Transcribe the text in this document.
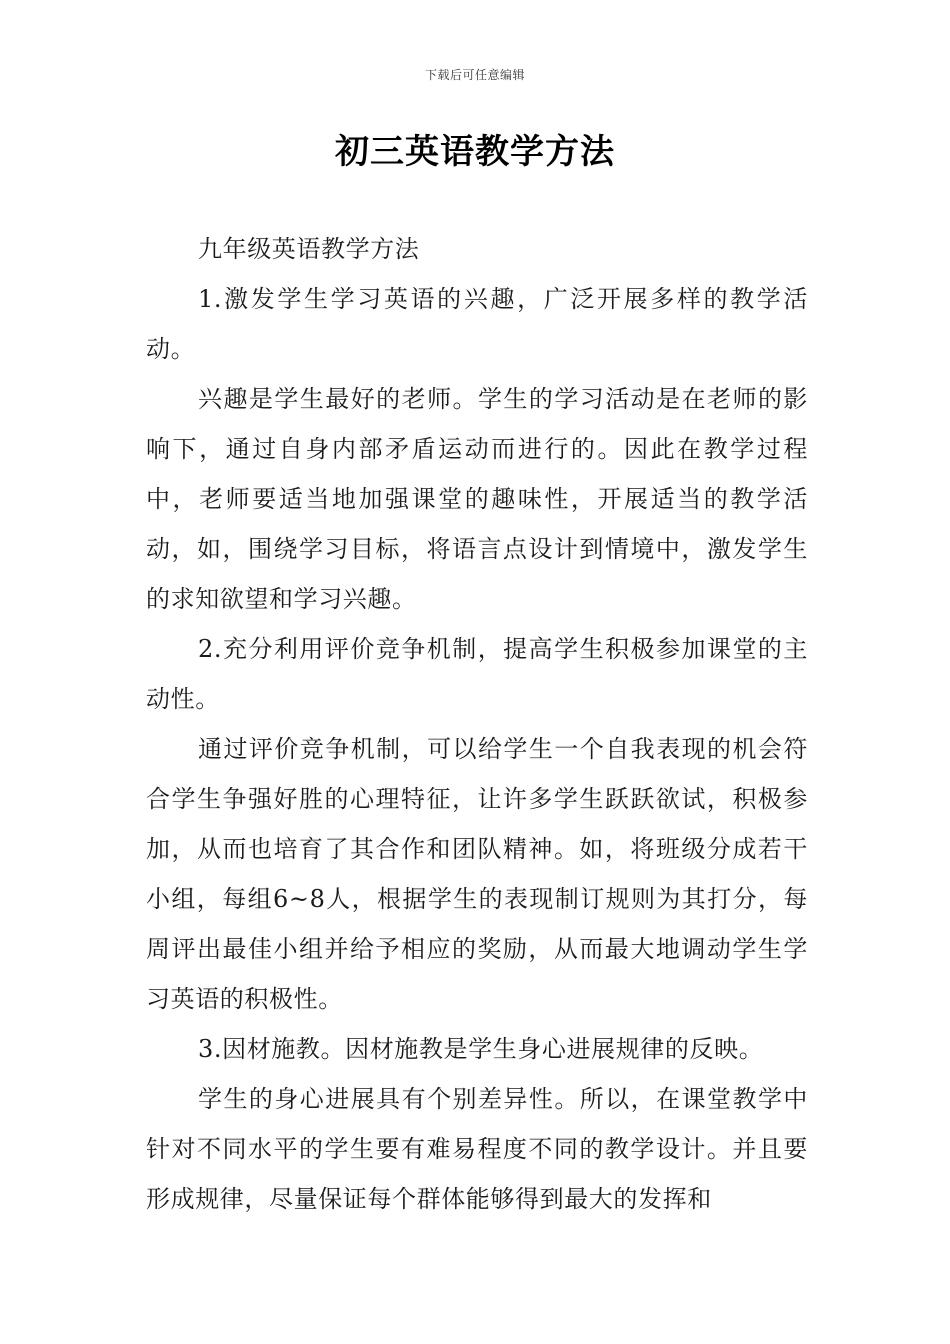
下载后可任意编辑
初三英语教学方法

九年级英语教学方法

1.激发学生学习英语的兴趣，广泛开展多样的教学活动。

兴趣是学生最好的老师。学生的学习活动是在老师的影响下，通过自身内部矛盾运动而进行的。因此在教学过程中，老师要适当地加强课堂的趣味性，开展适当的教学活动，如，围绕学习目标，将语言点设计到情境中，激发学生的求知欲望和学习兴趣。

2.充分利用评价竞争机制，提高学生积极参加课堂的主动性。

通过评价竞争机制，可以给学生一个自我表现的机会符合学生争强好胜的心理特征，让许多学生跃跃欲试，积极参加，从而也培育了其合作和团队精神。如，将班级分成若干小组，每组6~8人，根据学生的表现制订规则为其打分，每周评出最佳小组并给予相应的奖励，从而最大地调动学生学习英语的积极性。

3.因材施教。因材施教是学生身心进展规律的反映。

学生的身心进展具有个别差异性。所以，在课堂教学中针对不同水平的学生要有难易程度不同的教学设计。并且要形成规律，尽量保证每个群体能够得到最大的发挥和
